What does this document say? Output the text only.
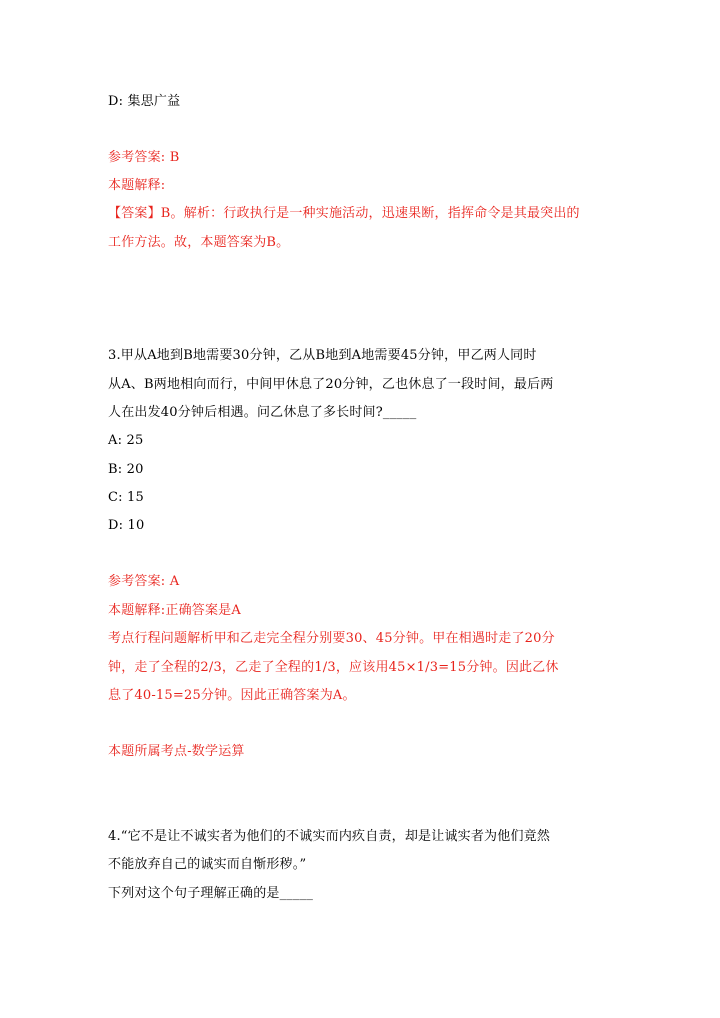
D: 集思广益
参考答案: B
本题解释:
【答案】B。解析：行政执行是一种实施活动，迅速果断，指挥命令是其最突出的
工作方法。故，本题答案为B。
3.甲从A地到B地需要30分钟，乙从B地到A地需要45分钟，甲乙两人同时
从A、B两地相向而行，中间甲休息了20分钟，乙也休息了一段时间，最后两
人在出发40分钟后相遇。问乙休息了多长时间?_____
A: 25
B: 20
C: 15
D: 10
参考答案: A
本题解释:正确答案是A
考点行程问题解析甲和乙走完全程分别要30、45分钟。甲在相遇时走了20分
钟，走了全程的2/3，乙走了全程的1/3，应该用45×1/3=15分钟。因此乙休
息了40-15=25分钟。因此正确答案为A。
本题所属考点-数学运算
4.“它不是让不诚实者为他们的不诚实而内疚自责，却是让诚实者为他们竟然
不能放弃自己的诚实而自惭形秽。”
下列对这个句子理解正确的是_____
